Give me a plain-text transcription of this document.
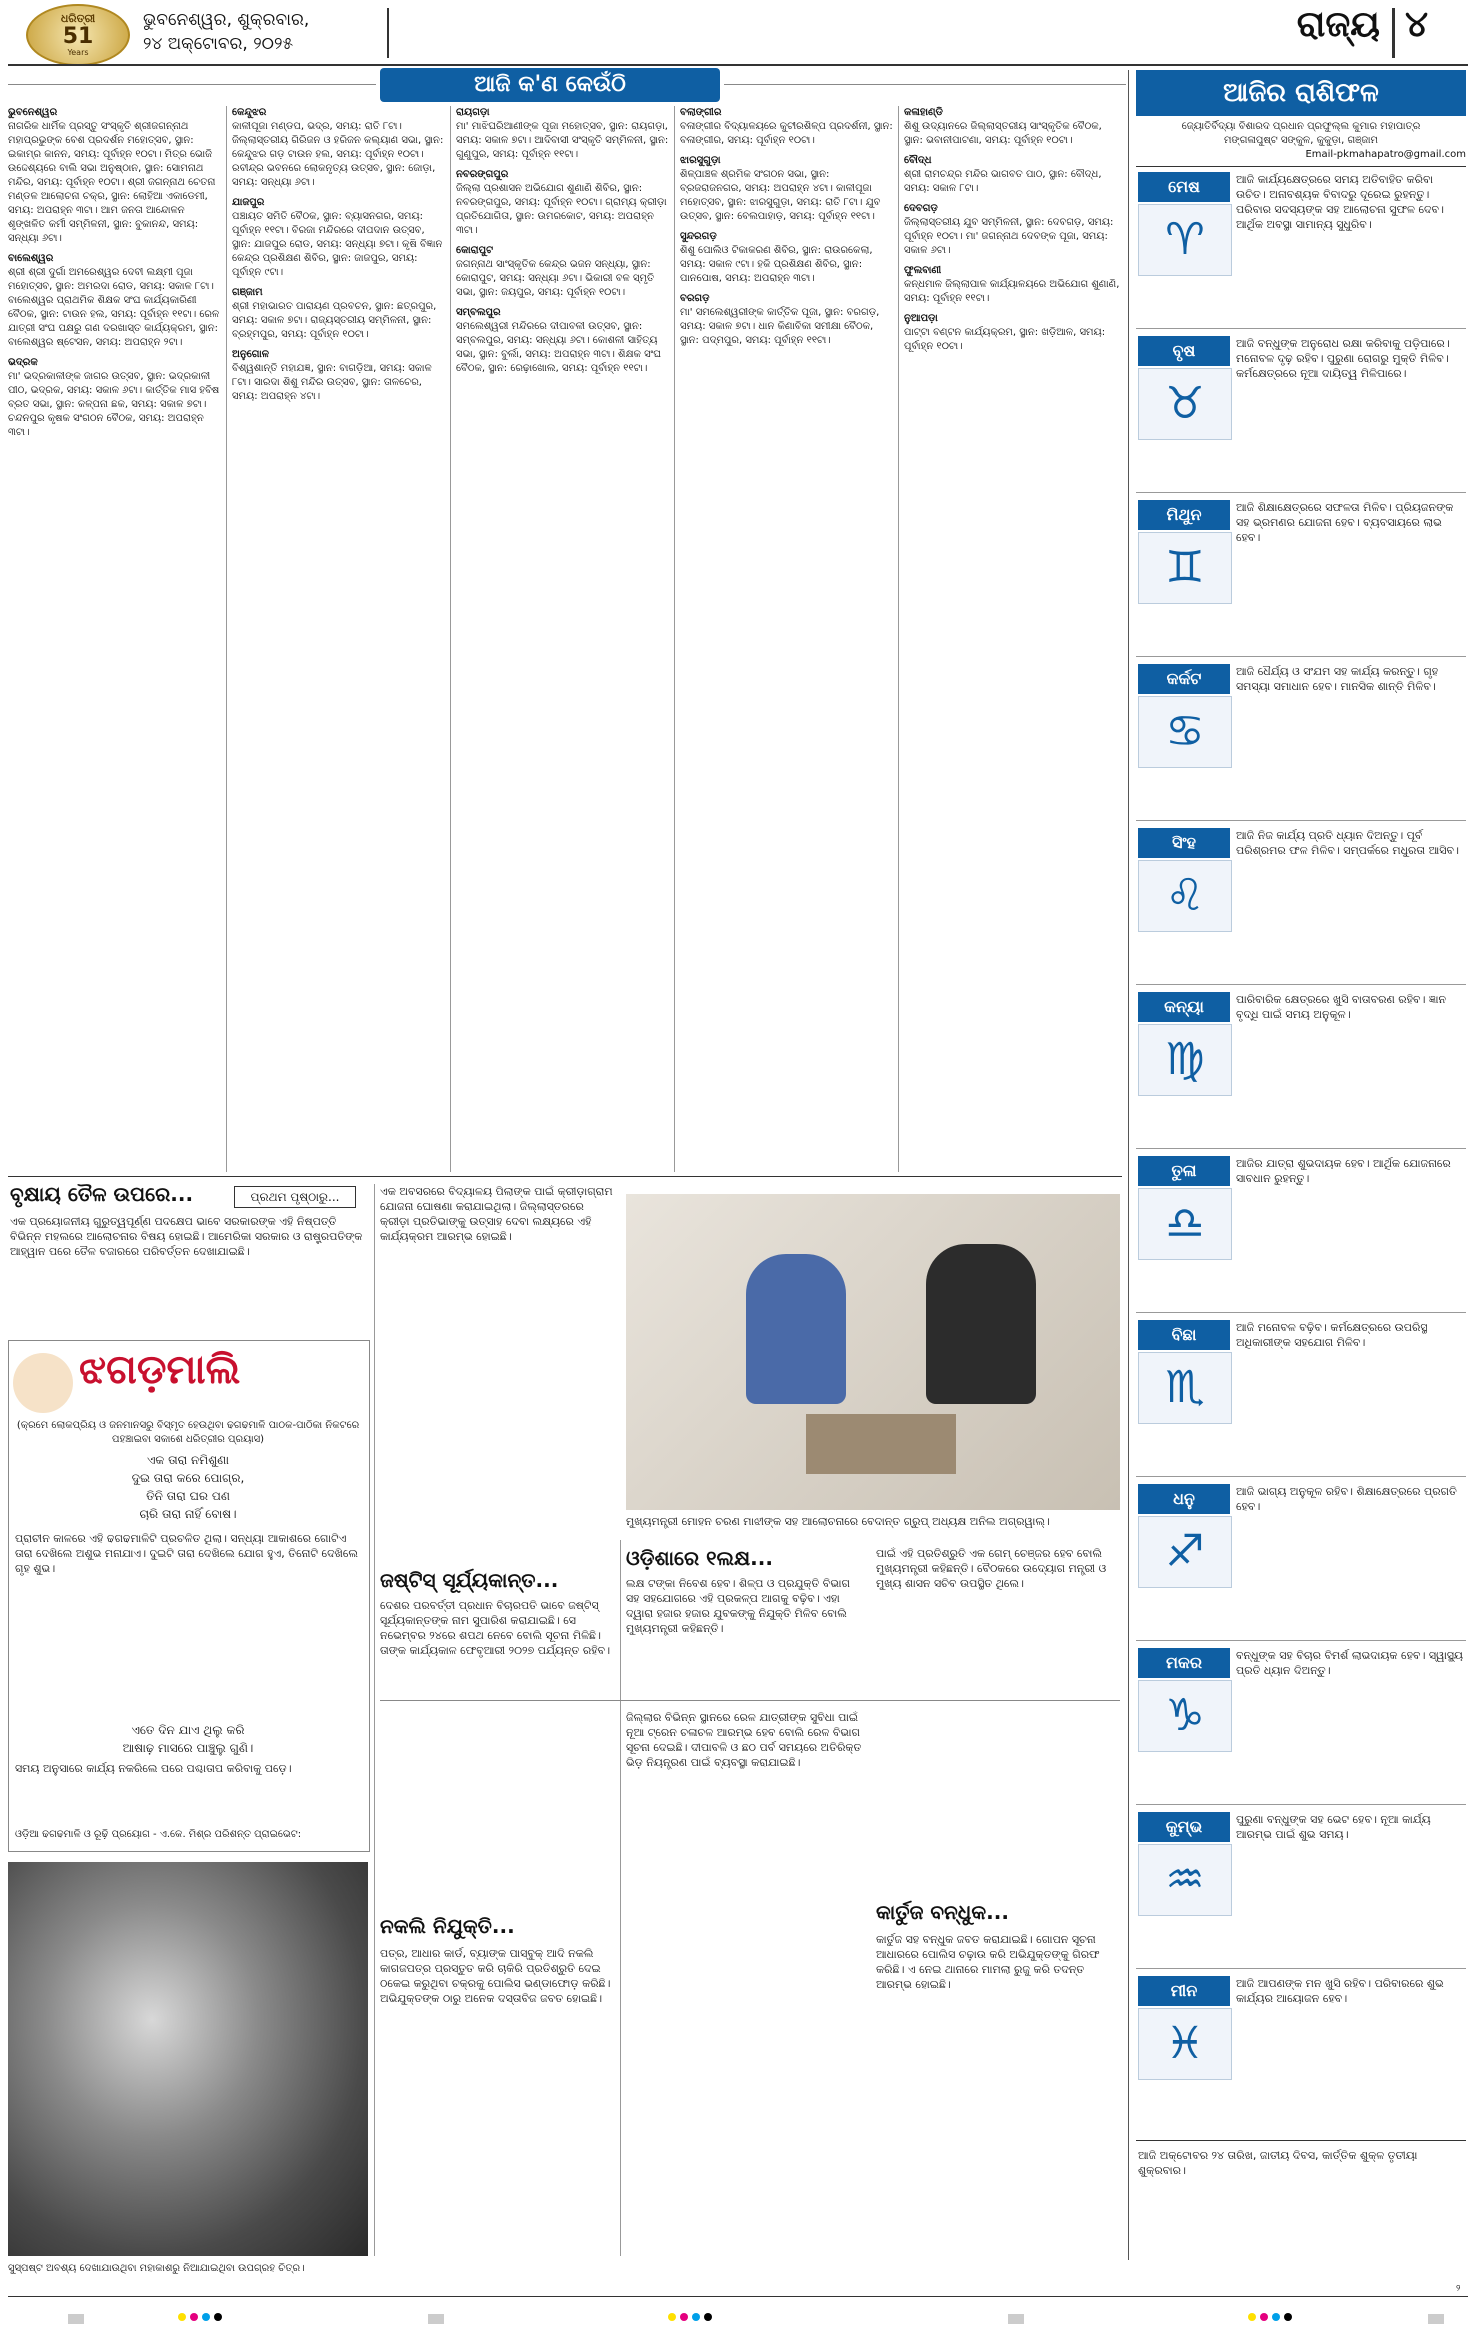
ଧରିତ୍ରୀ
51
Years
ଭୁବନେଶ୍ୱର, ଶୁକ୍ରବାର,
୨୪ ଅକ୍ଟୋବର, ୨୦୨୫	ରାଜ୍ୟ ୪
ଆଜି କ'ଣ କେଉଁଠି
ଭୁବନେଶ୍ୱର
ନାଗରିକ ଧାର୍ମିକ ପ୍ରସ୍ତୁ ସଂସ୍କୃତି ଶ୍ରୀଜଗନ୍ନାଥ ମହାପ୍ରଭୁଙ୍କ ବେଶ ପ୍ରଦର୍ଶନ ମହୋତ୍ସବ, ସ୍ଥାନ: ଇକାମ୍ର କାନନ, ସମୟ: ପୂର୍ବାହ୍ନ ୧୦ଟା। ମିତ୍ର ଭୋଜି ଉଦ୍ଦେଶ୍ୟରେ ବାଲି ସଭା ଅନୁଷ୍ଠାନ, ସ୍ଥାନ: ସୋମନାଥ ମନ୍ଦିର, ସମୟ: ପୂର୍ବାହ୍ନ ୧୦ଟା। ଶ୍ରୀ ଜଗନ୍ନାଥ ଚେତନା ମଣ୍ଡଳ ଆଲୋଚନା ଚକ୍ର, ସ୍ଥାନ: ଲୋହିଆ ଏକାଡେମୀ, ସମୟ: ଅପରାହ୍ନ ୩ଟା। ଆମ ଜନତା ଆନ୍ଦୋଳନ ଶୃଙ୍ଖଳିତ କର୍ମୀ ସମ୍ମିଳନୀ, ସ୍ଥାନ: ବୁକାନନ୍ଦ, ସମୟ: ସନ୍ଧ୍ୟା ୬ଟା।
ବାଲେଶ୍ୱର
ଶ୍ରୀ ଶ୍ରୀ ଦୁର୍ଗା ଅମରେଶ୍ୱର ଦେବୀ ଲକ୍ଷ୍ମୀ ପୂଜା ମହୋତ୍ସବ, ସ୍ଥାନ: ଅମରଦା ରୋଡ, ସମୟ: ସକାଳ ୮ଟା। ବାଲେଶ୍ୱର ପ୍ରାଥମିକ ଶିକ୍ଷକ ସଂଘ କାର୍ଯ୍ୟକାରିଣୀ ବୈଠକ, ସ୍ଥାନ: ଟାଉନ ହଲ, ସମୟ: ପୂର୍ବାହ୍ନ ୧୧ଟା। ରେଳ ଯାତ୍ରୀ ସଂଘ ପକ୍ଷରୁ ଗଣ ଦରଖାସ୍ତ କାର୍ଯ୍ୟକ୍ରମ, ସ୍ଥାନ: ବାଲେଶ୍ୱର ଷ୍ଟେସନ, ସମୟ: ଅପରାହ୍ନ ୨ଟା।
ଭଦ୍ରକ
ମା' ଭଦ୍ରକାଳୀଙ୍କ ଜାଗର ଉତ୍ସବ, ସ୍ଥାନ: ଭଦ୍ରକାଳୀ ପୀଠ, ଭଦ୍ରକ, ସମୟ: ସକାଳ ୬ଟା। କାର୍ତ୍ତିକ ମାସ ହବିଷ ବ୍ରତ ସଭା, ସ୍ଥାନ: କଳ୍ପନା ଛକ, ସମୟ: ସକାଳ ୭ଟା। ଚନ୍ଦନପୁର କୃଷକ ସଂଗଠନ ବୈଠକ, ସମୟ: ଅପରାହ୍ନ ୩ଟା।
କେନ୍ଦୁଝର
କାଳୀପୂଜା ମଣ୍ଡପ, ଭଦ୍ର, ସମୟ: ରାତି ୮ଟା। ଜିଲ୍ଲାସ୍ତରୀୟ ଗିରିଜନ ଓ ହରିଜନ କଲ୍ୟାଣ ସଭା, ସ୍ଥାନ: କେନ୍ଦୁଝର ଗଡ଼ ଟାଉନ ହଲ, ସମୟ: ପୂର୍ବାହ୍ନ ୧୦ଟା। ରବୀନ୍ଦ୍ର ଭବନରେ ଲୋକନୃତ୍ୟ ଉତ୍ସବ, ସ୍ଥାନ: ଜୋଡ଼ା, ସମୟ: ସନ୍ଧ୍ୟା ୬ଟା।
ଯାଜପୁର
ପଞ୍ଚାୟତ ସମିତି ବୈଠକ, ସ୍ଥାନ: ବ୍ୟାସନଗର, ସମୟ: ପୂର୍ବାହ୍ନ ୧୧ଟା। ବିରଜା ମନ୍ଦିରରେ ଦୀପଦାନ ଉତ୍ସବ, ସ୍ଥାନ: ଯାଜପୁର ରୋଡ, ସମୟ: ସନ୍ଧ୍ୟା ୭ଟା। କୃଷି ବିଜ୍ଞାନ କେନ୍ଦ୍ର ପ୍ରଶିକ୍ଷଣ ଶିବିର, ସ୍ଥାନ: ଜାଜପୁର, ସମୟ: ପୂର୍ବାହ୍ନ ୯ଟା।
ଗଞ୍ଜାମ
ଶ୍ରୀ ମହାଭାରତ ପାରାୟଣ ପ୍ରବଚନ, ସ୍ଥାନ: ଛତ୍ରପୁର, ସମୟ: ସକାଳ ୭ଟା। ରାଜ୍ୟସ୍ତରୀୟ ସମ୍ମିଳନୀ, ସ୍ଥାନ: ବ୍ରହ୍ମପୁର, ସମୟ: ପୂର୍ବାହ୍ନ ୧୦ଟା।
ଅନୁଗୋଳ
ବିଶ୍ୱଶାନ୍ତି ମହାଯଜ୍ଞ, ସ୍ଥାନ: ବାଗଡ଼ିଆ, ସମୟ: ସକାଳ ୮ଟା। ସାରଦା ଶିଶୁ ମନ୍ଦିର ଉତ୍ସବ, ସ୍ଥାନ: ତାଳଚେର, ସମୟ: ଅପରାହ୍ନ ୪ଟା।
ରାୟଗଡ଼ା
ମା' ମାଝିଘରିଆଣୀଙ୍କ ପୂଜା ମହୋତ୍ସବ, ସ୍ଥାନ: ରାୟଗଡ଼ା, ସମୟ: ସକାଳ ୭ଟା। ଆଦିବାସୀ ସଂସ୍କୃତି ସମ୍ମିଳନୀ, ସ୍ଥାନ: ଗୁଣୁପୁର, ସମୟ: ପୂର୍ବାହ୍ନ ୧୧ଟା।
ନବରଙ୍ଗପୁର
ଜିଲ୍ଲା ପ୍ରଶାସନ ଅଭିଯୋଗ ଶୁଣାଣି ଶିବିର, ସ୍ଥାନ: ନବରଙ୍ଗପୁର, ସମୟ: ପୂର୍ବାହ୍ନ ୧୦ଟା। ଗ୍ରାମ୍ୟ କ୍ରୀଡ଼ା ପ୍ରତିଯୋଗିତା, ସ୍ଥାନ: ଉମରକୋଟ, ସମୟ: ଅପରାହ୍ନ ୩ଟା।
କୋରାପୁଟ
ଜଗନ୍ନାଥ ସାଂସ୍କୃତିକ କେନ୍ଦ୍ର ଭଜନ ସନ୍ଧ୍ୟା, ସ୍ଥାନ: କୋରାପୁଟ, ସମୟ: ସନ୍ଧ୍ୟା ୬ଟା। ଭିକାରୀ ବଳ ସ୍ମୃତି ସଭା, ସ୍ଥାନ: ଜୟପୁର, ସମୟ: ପୂର୍ବାହ୍ନ ୧୦ଟା।
ସମ୍ବଲପୁର
ସମଲେଶ୍ୱରୀ ମନ୍ଦିରରେ ଦୀପାବଳୀ ଉତ୍ସବ, ସ୍ଥାନ: ସମ୍ବଲପୁର, ସମୟ: ସନ୍ଧ୍ୟା ୬ଟା। କୋଶଳୀ ସାହିତ୍ୟ ସଭା, ସ୍ଥାନ: ବୁର୍ଲା, ସମୟ: ଅପରାହ୍ନ ୩ଟା। ଶିକ୍ଷକ ସଂଘ ବୈଠକ, ସ୍ଥାନ: ରେଢ଼ାଖୋଲ, ସମୟ: ପୂର୍ବାହ୍ନ ୧୧ଟା।
ବଲାଙ୍ଗୀର
ବଳାଙ୍ଗୀର ବିଦ୍ୟାଳୟରେ କୁଟୀରଶିଳ୍ପ ପ୍ରଦର୍ଶନୀ, ସ୍ଥାନ: ବଳାଙ୍ଗୀର, ସମୟ: ପୂର୍ବାହ୍ନ ୧୦ଟା।
ଝାରସୁଗୁଡ଼ା
ଶିଳ୍ପାଞ୍ଚଳ ଶ୍ରମିକ ସଂଗଠନ ସଭା, ସ୍ଥାନ: ବ୍ରଜରାଜନଗର, ସମୟ: ଅପରାହ୍ନ ୪ଟା। କାଳୀପୂଜା ମହୋତ୍ସବ, ସ୍ଥାନ: ଝାରସୁଗୁଡ଼ା, ସମୟ: ରାତି ୮ଟା। ଯୁବ ଉତ୍ସବ, ସ୍ଥାନ: ବେଲପାହାଡ଼, ସମୟ: ପୂର୍ବାହ୍ନ ୧୧ଟା।
ସୁନ୍ଦରଗଡ଼
ଶିଶୁ ପୋଲିଓ ଟିକାକରଣ ଶିବିର, ସ୍ଥାନ: ରାଉରକେଲା, ସମୟ: ସକାଳ ୯ଟା। ହକି ପ୍ରଶିକ୍ଷଣ ଶିବିର, ସ୍ଥାନ: ପାନପୋଷ, ସମୟ: ଅପରାହ୍ନ ୩ଟା।
ବରଗଡ଼
ମା' ସମଲେଶ୍ୱରୀଙ୍କ କାର୍ତ୍ତିକ ପୂଜା, ସ୍ଥାନ: ବରଗଡ଼, ସମୟ: ସକାଳ ୭ଟା। ଧାନ କିଣାବିକା ସମୀକ୍ଷା ବୈଠକ, ସ୍ଥାନ: ପଦ୍ମପୁର, ସମୟ: ପୂର୍ବାହ୍ନ ୧୧ଟା।
କଳାହାଣ୍ଡି
ଶିଶୁ ଉଦ୍ୟାନରେ ଜିଲ୍ଲାସ୍ତରୀୟ ସାଂସ୍କୃତିକ ବୈଠକ, ସ୍ଥାନ: ଭବାନୀପାଟଣା, ସମୟ: ପୂର୍ବାହ୍ନ ୧୦ଟା।
ବୌଦ୍ଧ
ଶ୍ରୀ ରାମଚନ୍ଦ୍ର ମନ୍ଦିର ଭାଗବତ ପାଠ, ସ୍ଥାନ: ବୌଦ୍ଧ, ସମୟ: ସକାଳ ୮ଟା।
ଦେବଗଡ଼
ଜିଲ୍ଲାସ୍ତରୀୟ ଯୁବ ସମ୍ମିଳନୀ, ସ୍ଥାନ: ଦେବଗଡ଼, ସମୟ: ପୂର୍ବାହ୍ନ ୧୦ଟା। ମା' ଜଗନ୍ନାଥ ଦେବଙ୍କ ପୂଜା, ସମୟ: ସକାଳ ୬ଟା।
ଫୁଲବାଣୀ
କନ୍ଧମାଳ ଜିଲ୍ଲାପାଳ କାର୍ଯ୍ୟାଳୟରେ ଅଭିଯୋଗ ଶୁଣାଣି, ସମୟ: ପୂର୍ବାହ୍ନ ୧୧ଟା।
ନୁଆପଡ଼ା
ପାଟ୍ଟା ବଣ୍ଟନ କାର୍ଯ୍ୟକ୍ରମ, ସ୍ଥାନ: ଖଡ଼ିଆଳ, ସମୟ: ପୂର୍ବାହ୍ନ ୧୦ଟା।
ଆଜିର ରାଶିଫଳ
ଜ୍ୟୋତିର୍ବିଦ୍ୟା ବିଶାରଦ ପ୍ରଧାନ ପ୍ରଫୁଲ୍ଲ କୁମାର ମହାପାତ୍ର
ମଙ୍ଗଳାପୁଷ୍ଟ ସଙ୍କୁଳ, କୁକୁଡ଼ା, ଗଞ୍ଜାମ
Email-pkmahapatro@gmail.com
ମେଷ
♈
ଆଜି କାର୍ଯ୍ୟକ୍ଷେତ୍ରରେ ସମୟ ଅତିବାହିତ କରିବା ଉଚିତ। ଅନାବଶ୍ୟକ ବିବାଦରୁ ଦୂରେଇ ରୁହନ୍ତୁ। ପରିବାର ସଦସ୍ୟଙ୍କ ସହ ଆଲୋଚନା ସୁଫଳ ଦେବ। ଆର୍ଥିକ ଅବସ୍ଥା ସାମାନ୍ୟ ସୁଧୁରିବ।
ବୃଷ
♉
ଆଜି ବନ୍ଧୁଙ୍କ ଅନୁରୋଧ ରକ୍ଷା କରିବାକୁ ପଡ଼ିପାରେ। ମନୋବଳ ଦୃଢ଼ ରହିବ। ପୁରୁଣା ରୋଗରୁ ମୁକ୍ତି ମିଳିବ। କର୍ମକ୍ଷେତ୍ରରେ ନୂଆ ଦାୟିତ୍ୱ ମିଳିପାରେ।
ମିଥୁନ
♊
ଆଜି ଶିକ୍ଷାକ୍ଷେତ୍ରରେ ସଫଳତା ମିଳିବ। ପ୍ରିୟଜନଙ୍କ ସହ ଭ୍ରମଣର ଯୋଜନା ହେବ। ବ୍ୟବସାୟରେ ଲାଭ ହେବ।
କର୍କଟ
♋
ଆଜି ଧୈର୍ଯ୍ୟ ଓ ସଂଯମ ସହ କାର୍ଯ୍ୟ କରନ୍ତୁ। ଗୃହ ସମସ୍ୟା ସମାଧାନ ହେବ। ମାନସିକ ଶାନ୍ତି ମିଳିବ।
ସିଂହ
♌
ଆଜି ନିଜ କାର୍ଯ୍ୟ ପ୍ରତି ଧ୍ୟାନ ଦିଅନ୍ତୁ। ପୂର୍ବ ପରିଶ୍ରମର ଫଳ ମିଳିବ। ସମ୍ପର୍କରେ ମଧୁରତା ଆସିବ।
କନ୍ୟା
♍
ପାରିବାରିକ କ୍ଷେତ୍ରରେ ଖୁସି ବାତାବରଣ ରହିବ। ଜ୍ଞାନ ବୃଦ୍ଧି ପାଇଁ ସମୟ ଅନୁକୂଳ।
ତୁଳା
♎
ଆଜିର ଯାତ୍ରା ଶୁଭଦାୟକ ହେବ। ଆର୍ଥିକ ଯୋଜନାରେ ସାବଧାନ ରୁହନ୍ତୁ।
ବିଛା
♏
ଆଜି ମନୋବଳ ବଢ଼ିବ। କର୍ମକ୍ଷେତ୍ରରେ ଉପରିସ୍ଥ ଅଧିକାରୀଙ୍କ ସହଯୋଗ ମିଳିବ।
ଧନୁ
♐
ଆଜି ଭାଗ୍ୟ ଅନୁକୂଳ ରହିବ। ଶିକ୍ଷାକ୍ଷେତ୍ରରେ ପ୍ରଗତି ହେବ।
ମକର
♑
ବନ୍ଧୁଙ୍କ ସହ ବିଚାର ବିମର୍ଶ ଲାଭଦାୟକ ହେବ। ସ୍ୱାସ୍ଥ୍ୟ ପ୍ରତି ଧ୍ୟାନ ଦିଅନ୍ତୁ।
କୁମ୍ଭ
♒
ପୁରୁଣା ବନ୍ଧୁଙ୍କ ସହ ଭେଟ ହେବ। ନୂଆ କାର୍ଯ୍ୟ ଆରମ୍ଭ ପାଇଁ ଶୁଭ ସମୟ।
ମୀନ
♓
ଆଜି ଆପଣଙ୍କ ମନ ଖୁସି ରହିବ। ପରିବାରରେ ଶୁଭ କାର୍ଯ୍ୟର ଆୟୋଜନ ହେବ।
ଆଜି ଅକ୍ଟୋବର ୨୪ ତାରିଖ, ଜାତୀୟ ଦିବସ, କାର୍ତ୍ତିକ ଶୁକ୍ଳ ତୃତୀୟା ଶୁକ୍ରବାର।
ବୃକ୍ଷାୟ ତୈଳ ଉପରେ...	ପ୍ରଥମ ପୃଷ୍ଠାରୁ...
ଏକ ପ୍ରୟୋଜନୀୟ ଗୁରୁତ୍ୱପୂର୍ଣ୍ଣ ପଦକ୍ଷେପ ଭାବେ ସରକାରଙ୍କ ଏହି ନିଷ୍ପତ୍ତି ବିଭିନ୍ନ ମହଲରେ ଆଲୋଚନାର ବିଷୟ ହୋଇଛି। ଆମେରିକା ସରକାର ଓ ରାଷ୍ଟ୍ରପତିଙ୍କ ଆହ୍ୱାନ ପରେ ତୈଳ ବଜାରରେ ପରିବର୍ତ୍ତନ ଦେଖାଯାଇଛି।
ଝଗଡ଼ମାଲି
(କ୍ରମେ ଲୋକପ୍ରିୟ ଓ ଜନମାନସରୁ ବିସ୍ମୃତ ହେଉଥିବା ଢଗଢମାଳି ପାଠକ-ପାଠିକା ନିକଟରେ ପହଞ୍ଚାଇବା ସକାଶେ ଧରିତ୍ରୀର ପ୍ରୟାସ)
ଏକ ତାରା ନମିଶୁଣା
ଦୁଇ ତାରା କରେ ପୋଗ୍ର,
ତିନି ତାରା ଘର ପଣ
ଚାରି ତାରା ନାହିଁ ବୋଷ।
ପ୍ରାଚୀନ କାଳରେ ଏହି ଢଗଢମାଳିଟି ପ୍ରଚଳିତ ଥିଲା। ସନ୍ଧ୍ୟା ଆକାଶରେ ଗୋଟିଏ ତାରା ଦେଖିଲେ ଅଶୁଭ ମନାଯାଏ। ଦୁଇଟି ତାରା ଦେଖିଲେ ଯୋଗ ହୁଏ, ତିନୋଟି ଦେଖିଲେ ଗୃହ ଶୁଭ।
ଏତେ ଦିନ ଯାଏ ଥିଲୁ କରି
ଆଷାଢ଼ ମାସରେ ପାଞ୍ଚୁଲୁ ଗୁଣି।
ସମୟ ଅନୁସାରେ କାର୍ଯ୍ୟ ନକରିଲେ ପରେ ପଶ୍ଚାତାପ କରିବାକୁ ପଡ଼େ।
ଓଡ଼ିଆ ଢଗଢମାଳି ଓ ରୂଢ଼ି ପ୍ରୟୋଗ - ଏ.କେ. ମିଶ୍ର ପରିଶନ୍ତ ପ୍ରାଇଭେଟ:
ସୁସ୍ପଷ୍ଟ ଅବଶ୍ୟ ଦେଖାଯାଉଥିବା ମହାକାଶରୁ ନିଆଯାଇଥିବା ଉପଗ୍ରହ ଚିତ୍ର।
ଏକ ଅବସରରେ ବିଦ୍ୟାଳୟ ପିଲାଙ୍କ ପାଇଁ କ୍ରୀଡ଼ାଗ୍ରାମ ଯୋଜନା ଘୋଷଣା କରାଯାଇଥିଲା। ଜିଲ୍ଲାସ୍ତରରେ କ୍ରୀଡ଼ା ପ୍ରତିଭାଙ୍କୁ ଉତ୍ସାହ ଦେବା ଲକ୍ଷ୍ୟରେ ଏହି କାର୍ଯ୍ୟକ୍ରମ ଆରମ୍ଭ ହୋଇଛି।
ଜଷ୍ଟିସ୍ ସୂର୍ଯ୍ୟକାନ୍ତ...
ଦେଶର ପରବର୍ତ୍ତୀ ପ୍ରଧାନ ବିଚାରପତି ଭାବେ ଜଷ୍ଟିସ୍ ସୂର୍ଯ୍ୟକାନ୍ତଙ୍କ ନାମ ସୁପାରିଶ କରାଯାଇଛି। ସେ ନଭେମ୍ବର ୨୪ରେ ଶପଥ ନେବେ ବୋଲି ସୂଚନା ମିଳିଛି। ତାଙ୍କ କାର୍ଯ୍ୟକାଳ ଫେବୃଆରୀ ୨୦୨୭ ପର୍ଯ୍ୟନ୍ତ ରହିବ।
ମୁଖ୍ୟମନ୍ତ୍ରୀ ମୋହନ ଚରଣ ମାଝୀଙ୍କ ସହ ଆଲୋଚନାରେ ବେଦାନ୍ତ ଗ୍ରୁପ୍ ଅଧ୍ୟକ୍ଷ ଅନିଲ ଅଗ୍ରୱାଲ୍।
ଓଡ଼ିଶାରେ ୧ଲକ୍ଷ...
ଲକ୍ଷ ଟଙ୍କା ନିବେଶ ହେବ। ଶିଳ୍ପ ଓ ପ୍ରଯୁକ୍ତି ବିଭାଗ ସହ ସହଯୋଗରେ ଏହି ପ୍ରକଳ୍ପ ଆଗକୁ ବଢ଼ିବ। ଏହା ଦ୍ୱାରା ହଜାର ହଜାର ଯୁବକଙ୍କୁ ନିଯୁକ୍ତି ମିଳିବ ବୋଲି ମୁଖ୍ୟମନ୍ତ୍ରୀ କହିଛନ୍ତି।
ପାଇଁ ଏହି ପ୍ରତିଶ୍ରୁତି ଏକ ଗେମ୍ ଚେଞ୍ଜର ହେବ ବୋଲି ମୁଖ୍ୟମନ୍ତ୍ରୀ କହିଛନ୍ତି। ବୈଠକରେ ଉଦ୍ୟୋଗ ମନ୍ତ୍ରୀ ଓ ମୁଖ୍ୟ ଶାସନ ସଚିବ ଉପସ୍ଥିତ ଥିଲେ।
ଜିଲ୍ଲାର ବିଭିନ୍ନ ସ୍ଥାନରେ ରେଳ ଯାତ୍ରୀଙ୍କ ସୁବିଧା ପାଇଁ ନୂଆ ଟ୍ରେନ ଚଳାଚଳ ଆରମ୍ଭ ହେବ ବୋଲି ରେଳ ବିଭାଗ ସୂଚନା ଦେଇଛି। ଦୀପାବଳି ଓ ଛଠ ପର୍ବ ସମୟରେ ଅତିରିକ୍ତ ଭିଡ଼ ନିୟନ୍ତ୍ରଣ ପାଇଁ ବ୍ୟବସ୍ଥା କରାଯାଇଛି।
ନକଲି ନିଯୁକ୍ତି...
ପତ୍ର, ଆଧାର କାର୍ଡ, ବ୍ୟାଙ୍କ ପାସ୍‌ବୁକ୍ ଆଦି ନକଲି କାଗଜପତ୍ର ପ୍ରସ୍ତୁତ କରି ଚାକିରି ପ୍ରତିଶ୍ରୁତି ଦେଇ ଠକେଇ କରୁଥିବା ଚକ୍ରକୁ ପୋଲିସ ଭଣ୍ଡାଫୋଡ଼ କରିଛି। ଅଭିଯୁକ୍ତଙ୍କ ଠାରୁ ଅନେକ ଦସ୍ତାବିଜ ଜବତ ହୋଇଛି।
କାର୍ତୁଜ ବନ୍ଧୁକ...
କାର୍ତୁଜ ସହ ବନ୍ଧୁକ ଜବତ କରାଯାଇଛି। ଗୋପନ ସୂଚନା ଆଧାରରେ ପୋଲିସ ଚଢ଼ାଉ କରି ଅଭିଯୁକ୍ତଙ୍କୁ ଗିରଫ କରିଛି। ଏ ନେଇ ଥାନାରେ ମାମଲା ରୁଜୁ କରି ତଦନ୍ତ ଆରମ୍ଭ ହୋଇଛି।
୨
